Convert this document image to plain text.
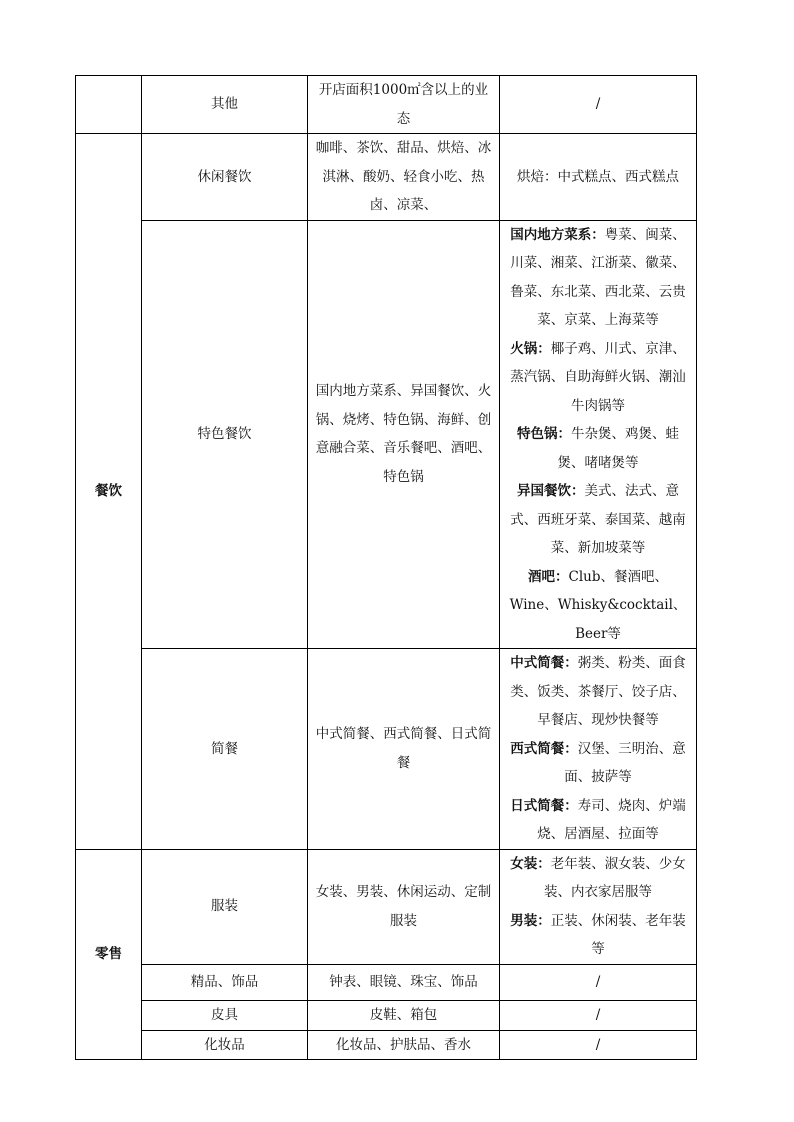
	其他	开店面积1000㎡含以上的业态	/
餐饮	休闲餐饮	咖啡、茶饮、甜品、烘焙、冰淇淋、酸奶、轻食小吃、热卤、凉菜、	烘焙：中式糕点、西式糕点
	特色餐饮	国内地方菜系、异国餐饮、火锅、烧烤、特色锅、海鲜、创意融合菜、音乐餐吧、酒吧、特色锅	国内地方菜系：粤菜、闽菜、川菜、湘菜、江浙菜、徽菜、鲁菜、东北菜、西北菜、云贵菜、京菜、上海菜等
火锅：椰子鸡、川式、京津、蒸汽锅、自助海鲜火锅、潮汕牛肉锅等
特色锅：牛杂煲、鸡煲、蛙煲、啫啫煲等
异国餐饮：美式、法式、意式、西班牙菜、泰国菜、越南菜、新加坡菜等
酒吧：Club、餐酒吧、Wine、Whisky&cocktail、Beer等

	简餐	中式简餐、西式简餐、日式简餐	中式简餐：粥类、粉类、面食类、饭类、茶餐厅、饺子店、早餐店、现炒快餐等
西式简餐：汉堡、三明治、意面、披萨等
日式简餐：寿司、烧肉、炉端烧、居酒屋、拉面等

零售	服装	女装、男装、休闲运动、定制服装	女装：老年装、淑女装、少女装、内衣家居服等
男装：正装、休闲装、老年装等

	精品、饰品	钟表、眼镜、珠宝、饰品	/
	皮具	皮鞋、箱包	/
	化妆品	化妆品、护肤品、香水	/
